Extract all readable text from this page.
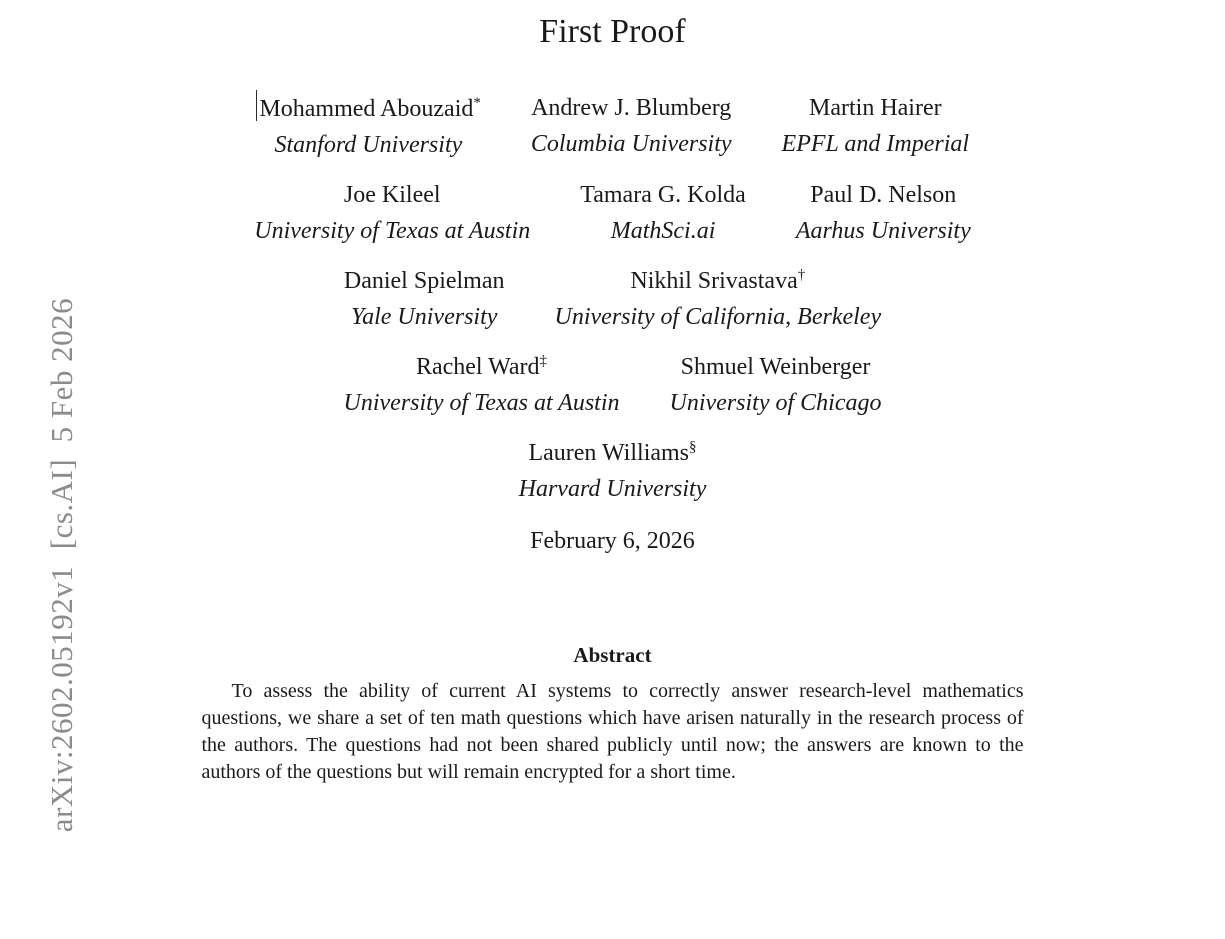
arXiv:2602.05192v1  [cs.AI]  5 Feb 2026
First Proof
Mohammed Abouzaid*
Stanford University
Andrew J. Blumberg
Columbia University
Martin Hairer
EPFL and Imperial
Joe Kileel
University of Texas at Austin
Tamara G. Kolda
MathSci.ai
Paul D. Nelson
Aarhus University
Daniel Spielman
Yale University
Nikhil Srivastava†
University of California, Berkeley
Rachel Ward‡
University of Texas at Austin
Shmuel Weinberger
University of Chicago
Lauren Williams§
Harvard University
February 6, 2026
Abstract

To assess the ability of current AI systems to correctly answer research-level mathematics questions, we share a set of ten math questions which have arisen naturally in the research process of the authors. The questions had not been shared publicly until now; the answers are known to the authors of the questions but will remain encrypted for a short time.
